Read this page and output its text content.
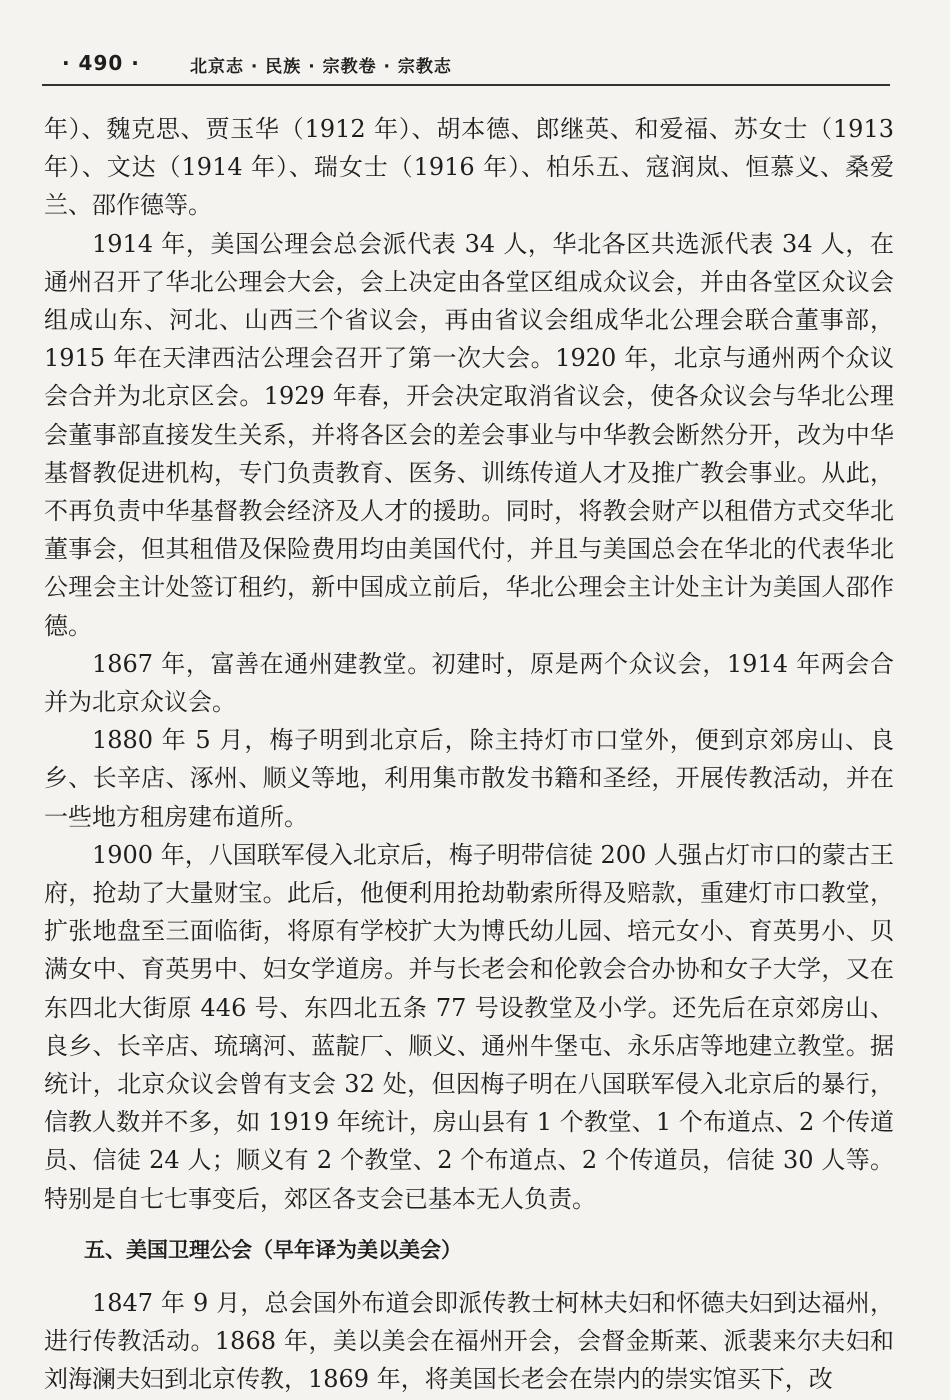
· 490 ·	北京志 · 民族 · 宗教卷 · 宗教志

年）、魏克思、贾玉华（1912 年）、胡本德、郎继英、和爱福、苏女士（1913 年）、文达（1914 年）、瑞女士（1916 年）、柏乐五、寇润岚、恒慕义、桑爱兰、邵作德等。

1914 年，美国公理会总会派代表 34 人，华北各区共选派代表 34 人，在通州召开了华北公理会大会，会上决定由各堂区组成众议会，并由各堂区众议会组成山东、河北、山西三个省议会，再由省议会组成华北公理会联合董事部，1915 年在天津西沽公理会召开了第一次大会。1920 年，北京与通州两个众议会合并为北京区会。1929 年春，开会决定取消省议会，使各众议会与华北公理会董事部直接发生关系，并将各区会的差会事业与中华教会断然分开，改为中华基督教促进机构，专门负责教育、医务、训练传道人才及推广教会事业。从此，不再负责中华基督教会经济及人才的援助。同时，将教会财产以租借方式交华北董事会，但其租借及保险费用均由美国代付，并且与美国总会在华北的代表华北公理会主计处签订租约，新中国成立前后，华北公理会主计处主计为美国人邵作德。

1867 年，富善在通州建教堂。初建时，原是两个众议会，1914 年两会合并为北京众议会。

1880 年 5 月，梅子明到北京后，除主持灯市口堂外，便到京郊房山、良乡、长辛店、涿州、顺义等地，利用集市散发书籍和圣经，开展传教活动，并在一些地方租房建布道所。

1900 年，八国联军侵入北京后，梅子明带信徒 200 人强占灯市口的蒙古王府，抢劫了大量财宝。此后，他便利用抢劫勒索所得及赔款，重建灯市口教堂，扩张地盘至三面临街，将原有学校扩大为博氏幼儿园、培元女小、育英男小、贝满女中、育英男中、妇女学道房。并与长老会和伦敦会合办协和女子大学，又在东四北大街原 446 号、东四北五条 77 号设教堂及小学。还先后在京郊房山、良乡、长辛店、琉璃河、蓝靛厂、顺义、通州牛堡屯、永乐店等地建立教堂。据统计，北京众议会曾有支会 32 处，但因梅子明在八国联军侵入北京后的暴行，信教人数并不多，如 1919 年统计，房山县有 1 个教堂、1 个布道点、2 个传道员、信徒 24 人；顺义有 2 个教堂、2 个布道点、2 个传道员，信徒 30 人等。特别是自七七事变后，郊区各支会已基本无人负责。

五、美国卫理公会（早年译为美以美会）

1847 年 9 月，总会国外布道会即派传教士柯林夫妇和怀德夫妇到达福州，进行传教活动。1868 年，美以美会在福州开会，会督金斯莱、派裴来尔夫妇和刘海澜夫妇到北京传教，1869 年，将美国长老会在崇内的崇实馆买下，改
